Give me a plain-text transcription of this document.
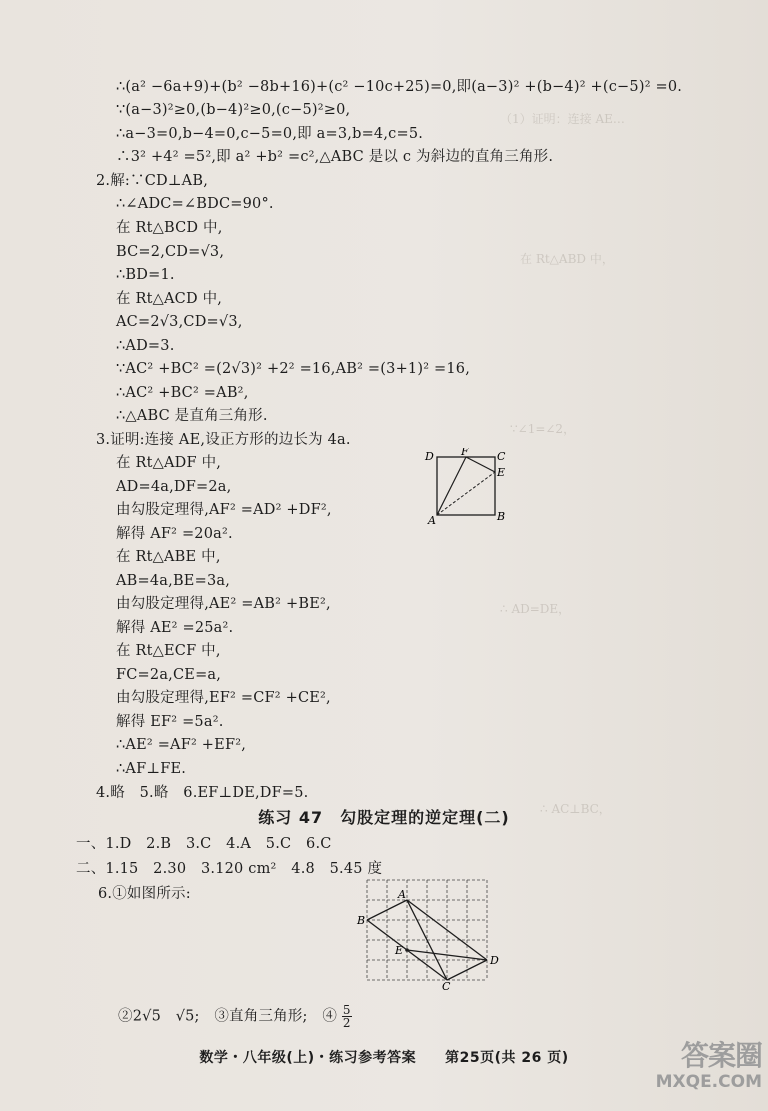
（1）证明：连接 AE…
在 Rt△ABD 中，
∵∠1=∠2，
∴ AD=DE，
∴ AC⊥BC，
∴(a² −6a+9)+(b² −8b+16)+(c² −10c+25)=0,即(a−3)² +(b−4)² +(c−5)² =0.
∵(a−3)²≥0,(b−4)²≥0,(c−5)²≥0,
∴a−3=0,b−4=0,c−5=0,即 a=3,b=4,c=5.
∴3² +4² =5²,即 a² +b² =c²,△ABC 是以 c 为斜边的直角三角形.
2.解:∵CD⊥AB,
∴∠ADC=∠BDC=90°.
在 Rt△BCD 中,
BC=2,CD=√3,
∴BD=1.
在 Rt△ACD 中,
AC=2√3,CD=√3,
∴AD=3.
∵AC² +BC² =(2√3)² +2² =16,AB² =(3+1)² =16,
∴AC² +BC² =AB²,
∴△ABC 是直角三角形.
3.证明:连接 AE,设正方形的边长为 4a.
在 Rt△ADF 中,
AD=4a,DF=2a,
由勾股定理得,AF² =AD² +DF²,
解得 AF² =20a².
在 Rt△ABE 中,
AB=4a,BE=3a,
由勾股定理得,AE² =AB² +BE²,
解得 AE² =25a².
在 Rt△ECF 中,
FC=2a,CE=a,
由勾股定理得,EF² =CF² +CE²,
解得 EF² =5a².
∴AE² =AF² +EF²,
∴AF⊥FE.
4.略　5.略　6.EF⊥DE,DF=5.
D F	C
E
A	B
练习 47　勾股定理的逆定理(二)
一、1.D　2.B　3.C　4.A　5.C　6.C
二、1.15　2.30　3.120 cm²　4.8　5.45 度
6.①如图所示:	A
B
E
D
C
②2√5　√5;　③直角三角形;　④ $\frac{5}{2}$
数学・八年级(上)・练习参考答案　　第25页(共 26 页)	答案圈
MXQE.COM
